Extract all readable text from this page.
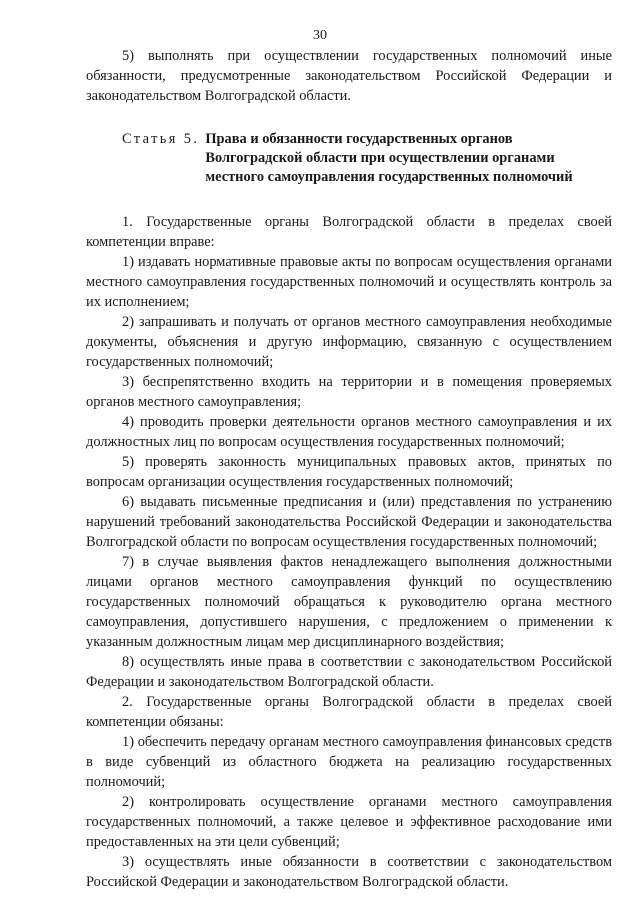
30

5) выполнять при осуществлении государственных полномочий иные обязанности, предусмотренные законодательством Российской Федерации и законодательством Волгоградской области.

Статья 5. Права и обязанности государственных органов Волгоградской области при осуществлении органами местного самоуправления государственных полномочий

1. Государственные органы Волгоградской области в пределах своей компетенции вправе:

1) издавать нормативные правовые акты по вопросам осуществления органами местного самоуправления государственных полномочий и осуществлять контроль за их исполнением;

2) запрашивать и получать от органов местного самоуправления необходимые документы, объяснения и другую информацию, связанную с осуществлением государственных полномочий;

3) беспрепятственно входить на территории и в помещения проверяемых органов местного самоуправления;

4) проводить проверки деятельности органов местного самоуправления и их должностных лиц по вопросам осуществления государственных полномочий;

5) проверять законность муниципальных правовых актов, принятых по вопросам организации осуществления государственных полномочий;

6) выдавать письменные предписания и (или) представления по устранению нарушений требований законодательства Российской Федерации и законодательства Волгоградской области по вопросам осуществления государственных полномочий;

7) в случае выявления фактов ненадлежащего выполнения должностными лицами органов местного самоуправления функций по осуществлению государственных полномочий обращаться к руководителю органа местного самоуправления, допустившего нарушения, с предложением о применении к указанным должностным лицам мер дисциплинарного воздействия;

8) осуществлять иные права в соответствии с законодательством Российской Федерации и законодательством Волгоградской области.

2. Государственные органы Волгоградской области в пределах своей компетенции обязаны:

1) обеспечить передачу органам местного самоуправления финансовых средств в виде субвенций из областного бюджета на реализацию государственных полномочий;

2) контролировать осуществление органами местного самоуправления государственных полномочий, а также целевое и эффективное расходование ими предоставленных на эти цели субвенций;

3) осуществлять иные обязанности в соответствии с законодательством Российской Федерации и законодательством Волгоградской области.
